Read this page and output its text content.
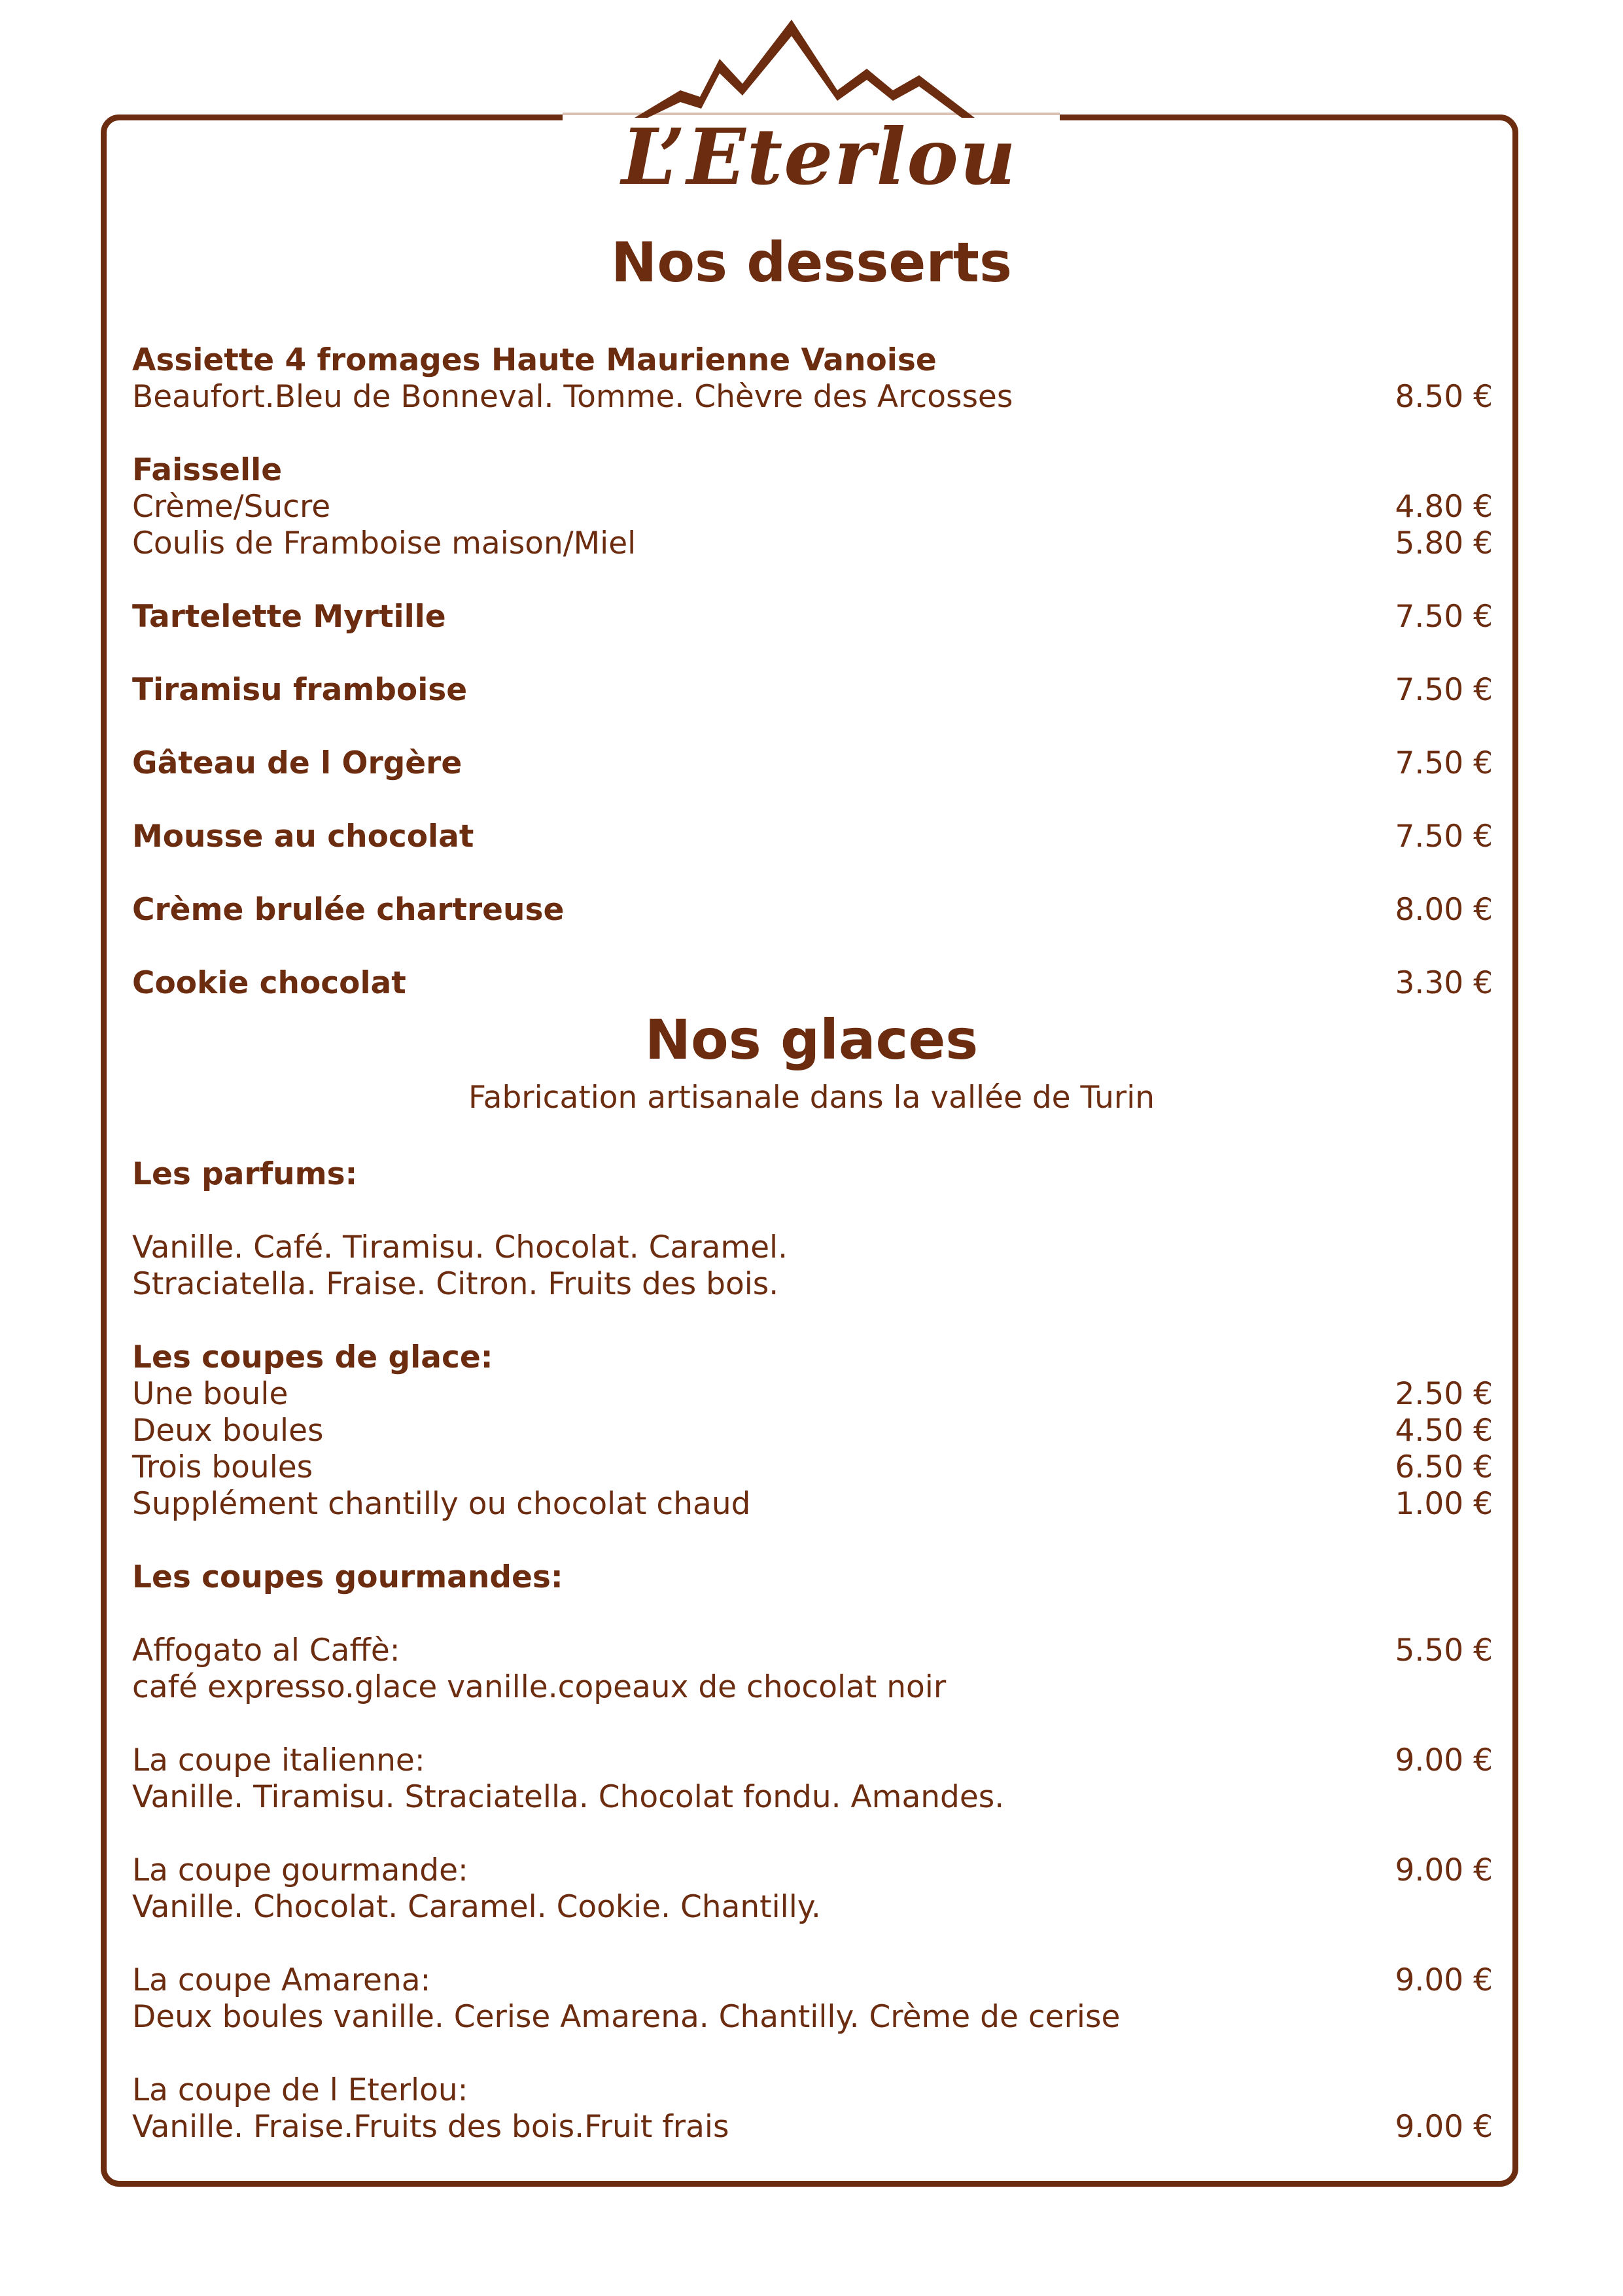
L’Eterlou
Nos desserts
Assiette 4 fromages Haute Maurienne Vanoise
Beaufort.Bleu de Bonneval. Tomme. Chèvre des Arcosses	8.50 €
Faisselle
Crème/Sucre	4.80 €
Coulis de Framboise maison/Miel	5.80 €
Tartelette Myrtille	7.50 €
Tiramisu framboise	7.50 €
Gâteau de l Orgère	7.50 €
Mousse au chocolat	7.50 €
Crème brulée chartreuse	8.00 €
Cookie chocolat	3.30 €
Nos glaces
Fabrication artisanale dans la vallée de Turin
Les parfums:
Vanille. Café. Tiramisu. Chocolat. Caramel.
Straciatella. Fraise. Citron. Fruits des bois.
Les coupes de glace:
Une boule	2.50 €
Deux boules	4.50 €
Trois boules	6.50 €
Supplément chantilly ou chocolat chaud	1.00 €
Les coupes gourmandes:
Affogato al Caffè:	5.50 €
café expresso.glace vanille.copeaux de chocolat noir
La coupe italienne:	9.00 €
Vanille. Tiramisu. Straciatella. Chocolat fondu. Amandes.
La coupe gourmande:	9.00 €
Vanille. Chocolat. Caramel. Cookie. Chantilly.
La coupe Amarena:	9.00 €
Deux boules vanille. Cerise Amarena. Chantilly. Crème de cerise
La coupe de l Eterlou:
Vanille. Fraise.Fruits des bois.Fruit frais	9.00 €
